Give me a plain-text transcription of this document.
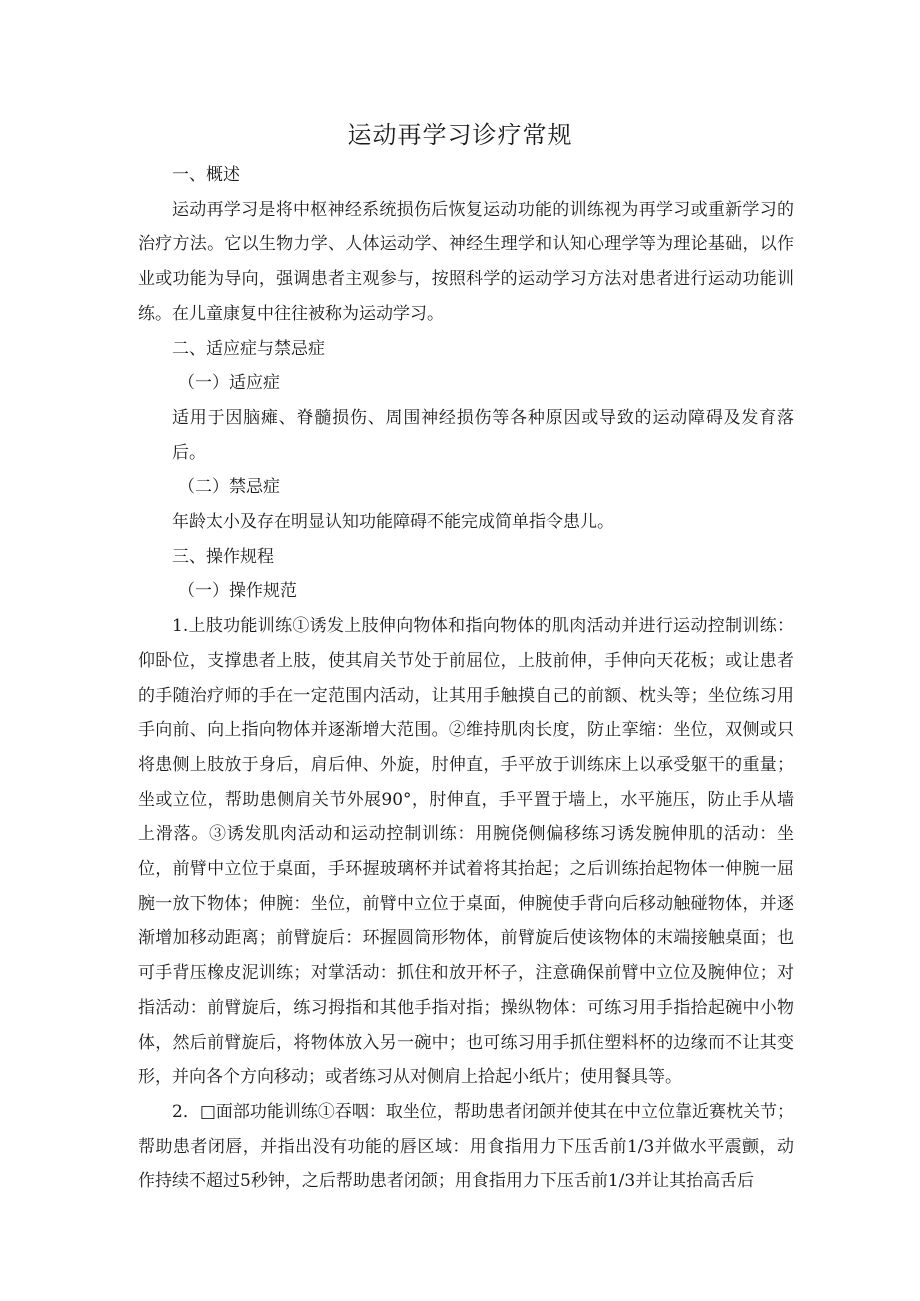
运动再学习诊疗常规

一、概述

运动再学习是将中枢神经系统损伤后恢复运动功能的训练视为再学习或重新学习的治疗方法。它以生物力学、人体运动学、神经生理学和认知心理学等为理论基础，以作业或功能为导向，强调患者主观参与，按照科学的运动学习方法对患者进行运动功能训练。在儿童康复中往往被称为运动学习。

二、适应症与禁忌症

（一）适应症

适用于因脑瘫、脊髓损伤、周围神经损伤等各种原因或导致的运动障碍及发育落后。

（二）禁忌症

年龄太小及存在明显认知功能障碍不能完成简单指令患儿。

三、操作规程

（一）操作规范

1.上肢功能训练①诱发上肢伸向物体和指向物体的肌肉活动并进行运动控制训练：仰卧位，支撑患者上肢，使其肩关节处于前屈位，上肢前伸，手伸向天花板；或让患者的手随治疗师的手在一定范围内活动，让其用手触摸自己的前额、枕头等；坐位练习用手向前、向上指向物体并逐渐增大范围。②维持肌肉长度，防止挛缩：坐位，双侧或只将患侧上肢放于身后，肩后伸、外旋，肘伸直，手平放于训练床上以承受躯干的重量；坐或立位，帮助患侧肩关节外展90°，肘伸直，手平置于墙上，水平施压，防止手从墙上滑落。③诱发肌肉活动和运动控制训练：用腕侥侧偏移练习诱发腕伸肌的活动：坐位，前臂中立位于桌面，手环握玻璃杯并试着将其抬起；之后训练抬起物体一伸腕一屈腕一放下物体；伸腕：坐位，前臂中立位于桌面，伸腕使手背向后移动触碰物体，并逐渐增加移动距离；前臂旋后：环握圆筒形物体，前臂旋后使该物体的末端接触桌面；也可手背压橡皮泥训练；对掌活动：抓住和放开杯子，注意确保前臂中立位及腕伸位；对指活动：前臂旋后，练习拇指和其他手指对指；操纵物体：可练习用手指拾起碗中小物体，然后前臂旋后，将物体放入另一碗中；也可练习用手抓住塑料杯的边缘而不让其变形，并向各个方向移动；或者练习从对侧肩上拾起小纸片；使用餐具等。

2．□面部功能训练①吞咽：取坐位，帮助患者闭颌并使其在中立位靠近赛枕关节；帮助患者闭唇，并指出没有功能的唇区域：用食指用力下压舌前1/3并做水平震颤，动作持续不超过5秒钟，之后帮助患者闭颌；用食指用力下压舌前1/3并让其抬高舌后
